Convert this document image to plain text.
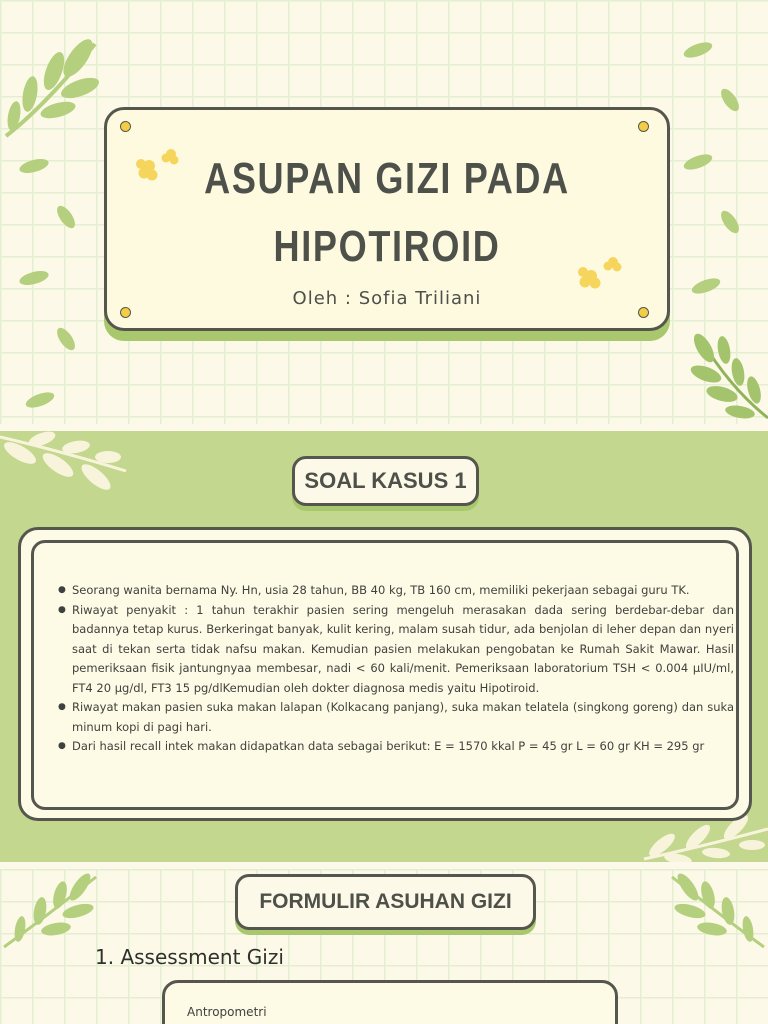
ASUPAN GIZI PADA
HIPOTIROID
Oleh : Sofia Triliani
SOAL KASUS 1
● Seorang wanita bernama Ny. Hn, usia 28 tahun, BB 40 kg, TB 160 cm, memiliki pekerjaan sebagai guru TK.
● Riwayat penyakit : 1 tahun terakhir pasien sering mengeluh merasakan dada sering berdebar-debar dan badannya tetap kurus. Berkeringat banyak, kulit kering, malam susah tidur, ada benjolan di leher depan dan nyeri saat di tekan serta tidak nafsu makan. Kemudian pasien melakukan pengobatan ke Rumah Sakit Mawar. Hasil pemeriksaan fisik jantungnyaa membesar, nadi < 60 kali/menit. Pemeriksaan laboratorium TSH < 0.004 µIU/ml, FT4 20 µg/dl, FT3 15 pg/dlKemudian oleh dokter diagnosa medis yaitu Hipotiroid.
● Riwayat makan pasien suka makan lalapan (Kolkacang panjang), suka makan telatela (singkong goreng) dan suka minum kopi di pagi hari.
● Dari hasil recall intek makan didapatkan data sebagai berikut: E = 1570 kkal P = 45 gr L = 60 gr KH = 295 gr
FORMULIR ASUHAN GIZI
1. Assessment Gizi
Antropometri
